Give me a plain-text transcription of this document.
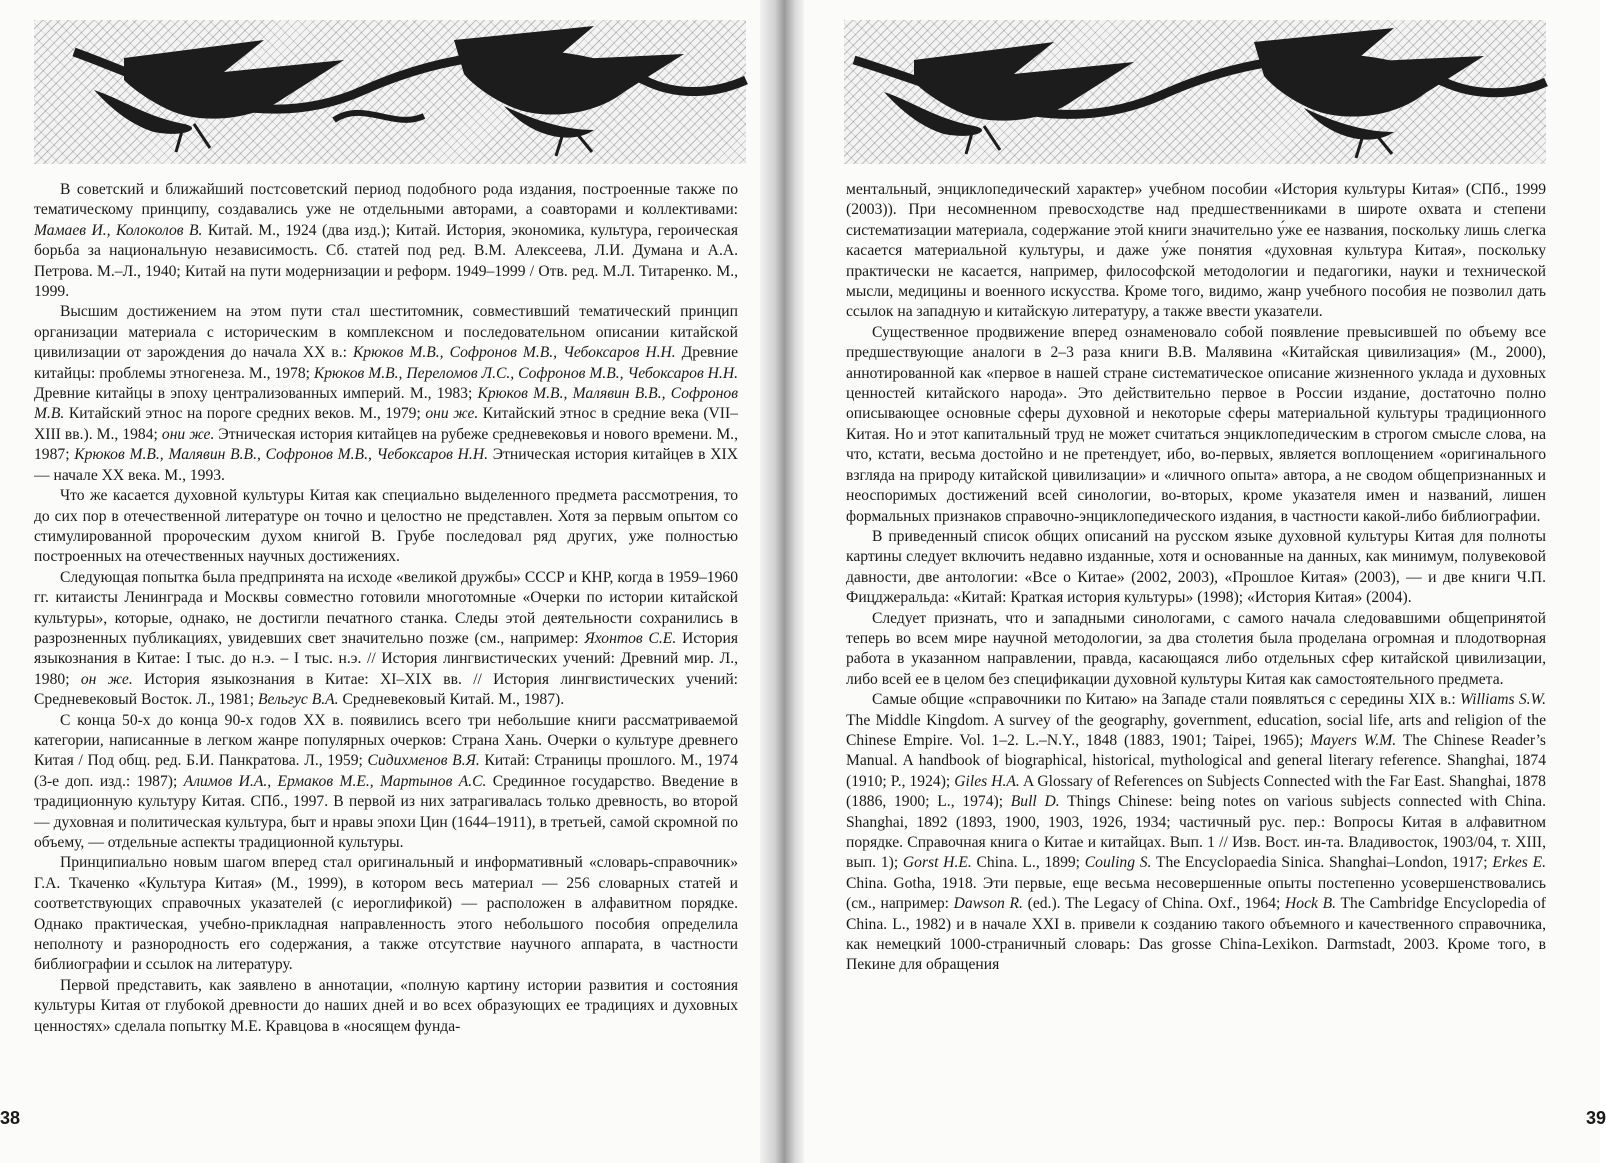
В советский и ближайший постсоветский период подобного рода издания, построенные также по тематическому принципу, создавались уже не отдельными авторами, а соавторами и коллективами: Мамаев И., Колоколов В. Китай. М., 1924 (два изд.); Китай. История, экономика, культура, героическая борьба за национальную независимость. Сб. статей под ред. В.М. Алексеева, Л.И. Думана и А.А. Петрова. М.–Л., 1940; Китай на пути модернизации и реформ. 1949–1999 / Отв. ред. М.Л. Титаренко. М., 1999.

Высшим достижением на этом пути стал шеститомник, совместивший тематический принцип организации материала с историческим в комплексном и последовательном описании китайской цивилизации от зарождения до начала XX в.: Крюков М.В., Софронов М.В., Чебоксаров Н.Н. Древние китайцы: проблемы этногенеза. М., 1978; Крюков М.В., Переломов Л.С., Софронов М.В., Чебоксаров Н.Н. Древние китайцы в эпоху централизованных империй. М., 1983; Крюков М.В., Малявин В.В., Софронов М.В. Китайский этнос на пороге средних веков. М., 1979; они же. Китайский этнос в средние века (VII–XIII вв.). М., 1984; они же. Этническая история китайцев на рубеже средневековья и нового времени. М., 1987; Крюков М.В., Малявин В.В., Софронов М.В., Чебоксаров Н.Н. Этническая история китайцев в XIX — начале XX века. М., 1993.

Что же касается духовной культуры Китая как специально выделенного предмета рассмотрения, то до сих пор в отечественной литературе он точно и целостно не представлен. Хотя за первым опытом со стимулированной пророческим духом книгой В. Грубе последовал ряд других, уже полностью построенных на отечественных научных достижениях.

Следующая попытка была предпринята на исходе «великой дружбы» СССР и КНР, когда в 1959–1960 гг. китаисты Ленинграда и Москвы совместно готовили многотомные «Очерки по истории китайской культуры», которые, однако, не достигли печатного станка. Следы этой деятельности сохранились в разрозненных публикациях, увидевших свет значительно позже (см., например: Яхонтов С.Е. История языкознания в Китае: I тыс. до н.э. – I тыс. н.э. // История лингвистических учений: Древний мир. Л., 1980; он же. История языкознания в Китае: XI–XIX вв. // История лингвистических учений: Средневековый Восток. Л., 1981; Вельгус В.А. Средневековый Китай. М., 1987).

С конца 50-х до конца 90-х годов XX в. появились всего три небольшие книги рассматриваемой категории, написанные в легком жанре популярных очерков: Страна Хань. Очерки о культуре древнего Китая / Под общ. ред. Б.И. Панкратова. Л., 1959; Сидихменов В.Я. Китай: Страницы прошлого. М., 1974 (3-е доп. изд.: 1987); Алимов И.А., Ермаков М.Е., Мартынов А.С. Срединное государство. Введение в традиционную культуру Китая. СПб., 1997. В первой из них затрагивалась только древность, во второй — духовная и политическая культура, быт и нравы эпохи Цин (1644–1911), в третьей, самой скромной по объему, — отдельные аспекты традиционной культуры.

Принципиально новым шагом вперед стал оригинальный и информативный «словарь-справочник» Г.А. Ткаченко «Культура Китая» (М., 1999), в котором весь материал — 256 словарных статей и соответствующих справочных указателей (с иероглификой) — расположен в алфавитном порядке. Однако практическая, учебно-прикладная направленность этого небольшого пособия определила неполноту и разнородность его содержания, а также отсутствие научного аппарата, в частности библиографии и ссылок на литературу.

Первой представить, как заявлено в аннотации, «полную картину истории развития и состояния культуры Китая от глубокой древности до наших дней и во всех образующих ее традициях и духовных ценностях» сделала попытку М.Е. Кравцова в «носящем фунда-

38

ментальный, энциклопедический характер» учебном пособии «История культуры Китая» (СПб., 1999 (2003)). При несомненном превосходстве над предшественниками в широте охвата и степени систематизации материала, содержание этой книги значительно у́же ее названия, поскольку лишь слегка касается материальной культуры, и даже у́же понятия «духовная культура Китая», поскольку практически не касается, например, философской методологии и педагогики, науки и технической мысли, медицины и военного искусства. Кроме того, видимо, жанр учебного пособия не позволил дать ссылок на западную и китайскую литературу, а также ввести указатели.

Существенное продвижение вперед ознаменовало собой появление превысившей по объему все предшествующие аналоги в 2–3 раза книги В.В. Малявина «Китайская цивилизация» (М., 2000), аннотированной как «первое в нашей стране систематическое описание жизненного уклада и духовных ценностей китайского народа». Это действительно первое в России издание, достаточно полно описывающее основные сферы духовной и некоторые сферы материальной культуры традиционного Китая. Но и этот капитальный труд не может считаться энциклопедическим в строгом смысле слова, на что, кстати, весьма достойно и не претендует, ибо, во-первых, является воплощением «оригинального взгляда на природу китайской цивилизации» и «личного опыта» автора, а не сводом общепризнанных и неоспоримых достижений всей синологии, во-вторых, кроме указателя имен и названий, лишен формальных признаков справочно-энциклопедического издания, в частности какой-либо библиографии.

В приведенный список общих описаний на русском языке духовной культуры Китая для полноты картины следует включить недавно изданные, хотя и основанные на данных, как минимум, полувековой давности, две антологии: «Все о Китае» (2002, 2003), «Прошлое Китая» (2003), — и две книги Ч.П. Фицджеральда: «Китай: Краткая история культуры» (1998); «История Китая» (2004).

Следует признать, что и западными синологами, с самого начала следовавшими общепринятой теперь во всем мире научной методологии, за два столетия была проделана огромная и плодотворная работа в указанном направлении, правда, касающаяся либо отдельных сфер китайской цивилизации, либо всей ее в целом без спецификации духовной культуры Китая как самостоятельного предмета.

Самые общие «справочники по Китаю» на Западе стали появляться с середины XIX в.: Williams S.W. The Middle Kingdom. A survey of the geography, government, education, social life, arts and religion of the Chinese Empire. Vol. 1–2. L.–N.Y., 1848 (1883, 1901; Taipei, 1965); Mayers W.M. The Chinese Reader’s Manual. A handbook of biographical, historical, mythological and general literary reference. Shanghai, 1874 (1910; P., 1924); Giles H.A. A Glossary of References on Subjects Connected with the Far East. Shanghai, 1878 (1886, 1900; L., 1974); Bull D. Things Chinese: being notes on various subjects connected with China. Shanghai, 1892 (1893, 1900, 1903, 1926, 1934; частичный рус. пер.: Вопросы Китая в алфавитном порядке. Справочная книга о Китае и китайцах. Вып. 1 // Изв. Вост. ин-та. Владивосток, 1903/04, т. XIII, вып. 1); Gorst H.E. China. L., 1899; Couling S. The Encyclopaedia Sinica. Shanghai–London, 1917; Erkes E. China. Gotha, 1918. Эти первые, еще весьма несовершенные опыты постепенно усовершенствовались (см., например: Dawson R. (ed.). The Legacy of China. Oxf., 1964; Hock B. The Cambridge Encyclopedia of China. L., 1982) и в начале XXI в. привели к созданию такого объемного и качественного справочника, как немецкий 1000-страничный словарь: Das grosse China-Lexikon. Darmstadt, 2003. Кроме того, в Пекине для обращения

39
